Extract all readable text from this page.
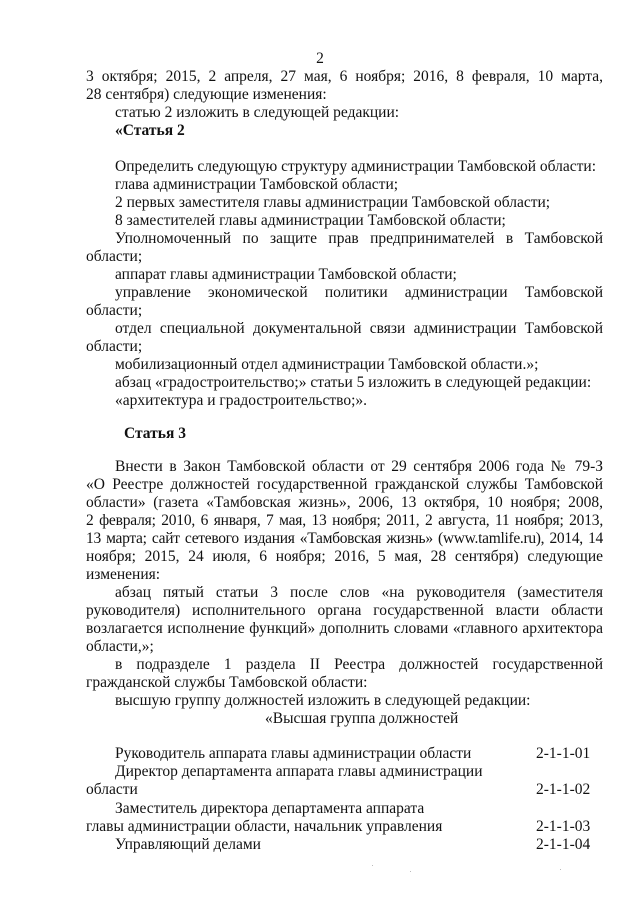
2
3 октября; 2015, 2 апреля, 27 мая, 6 ноября; 2016, 8 февраля, 10 марта,
28 сентября) следующие изменения:
статью 2 изложить в следующей редакции:
«Статья 2
Определить следующую структуру администрации Тамбовской области:
глава администрации Тамбовской области;
2 первых заместителя главы администрации Тамбовской области;
8 заместителей главы администрации Тамбовской области;
Уполномоченный по защите прав предпринимателей в Тамбовской
области;
аппарат главы администрации Тамбовской области;
управление экономической политики администрации Тамбовской
области;
отдел специальной документальной связи администрации Тамбовской
области;
мобилизационный отдел администрации Тамбовской области.»;
абзац «градостроительство;» статьи 5 изложить в следующей редакции:
«архитектура и градостроительство;».
Статья 3
Внести в Закон Тамбовской области от 29 сентября 2006 года № 79-З
«О Реестре должностей государственной гражданской службы Тамбовской
области» (газета «Тамбовская жизнь», 2006, 13 октября, 10 ноября; 2008,
2 февраля; 2010, 6 января, 7 мая, 13 ноября; 2011, 2 августа, 11 ноября; 2013,
13 марта; сайт сетевого издания «Тамбовская жизнь» (www.tamlife.ru), 2014, 14
ноября; 2015, 24 июля, 6 ноября; 2016, 5 мая, 28 сентября) следующие
изменения:
абзац пятый статьи 3 после слов «на руководителя (заместителя
руководителя) исполнительного органа государственной власти области
возлагается исполнение функций» дополнить словами «главного архитектора
области,»;
в подразделе 1 раздела II Реестра должностей государственной
гражданской службы Тамбовской области:
высшую группу должностей изложить в следующей редакции:
«Высшая группа должностей
Руководитель аппарата главы администрации области	2-1-1-01
Директор департамента аппарата главы администрации
области	2-1-1-02
Заместитель директора департамента аппарата
главы администрации области, начальник управления	2-1-1-03
Управляющий делами	2-1-1-04
